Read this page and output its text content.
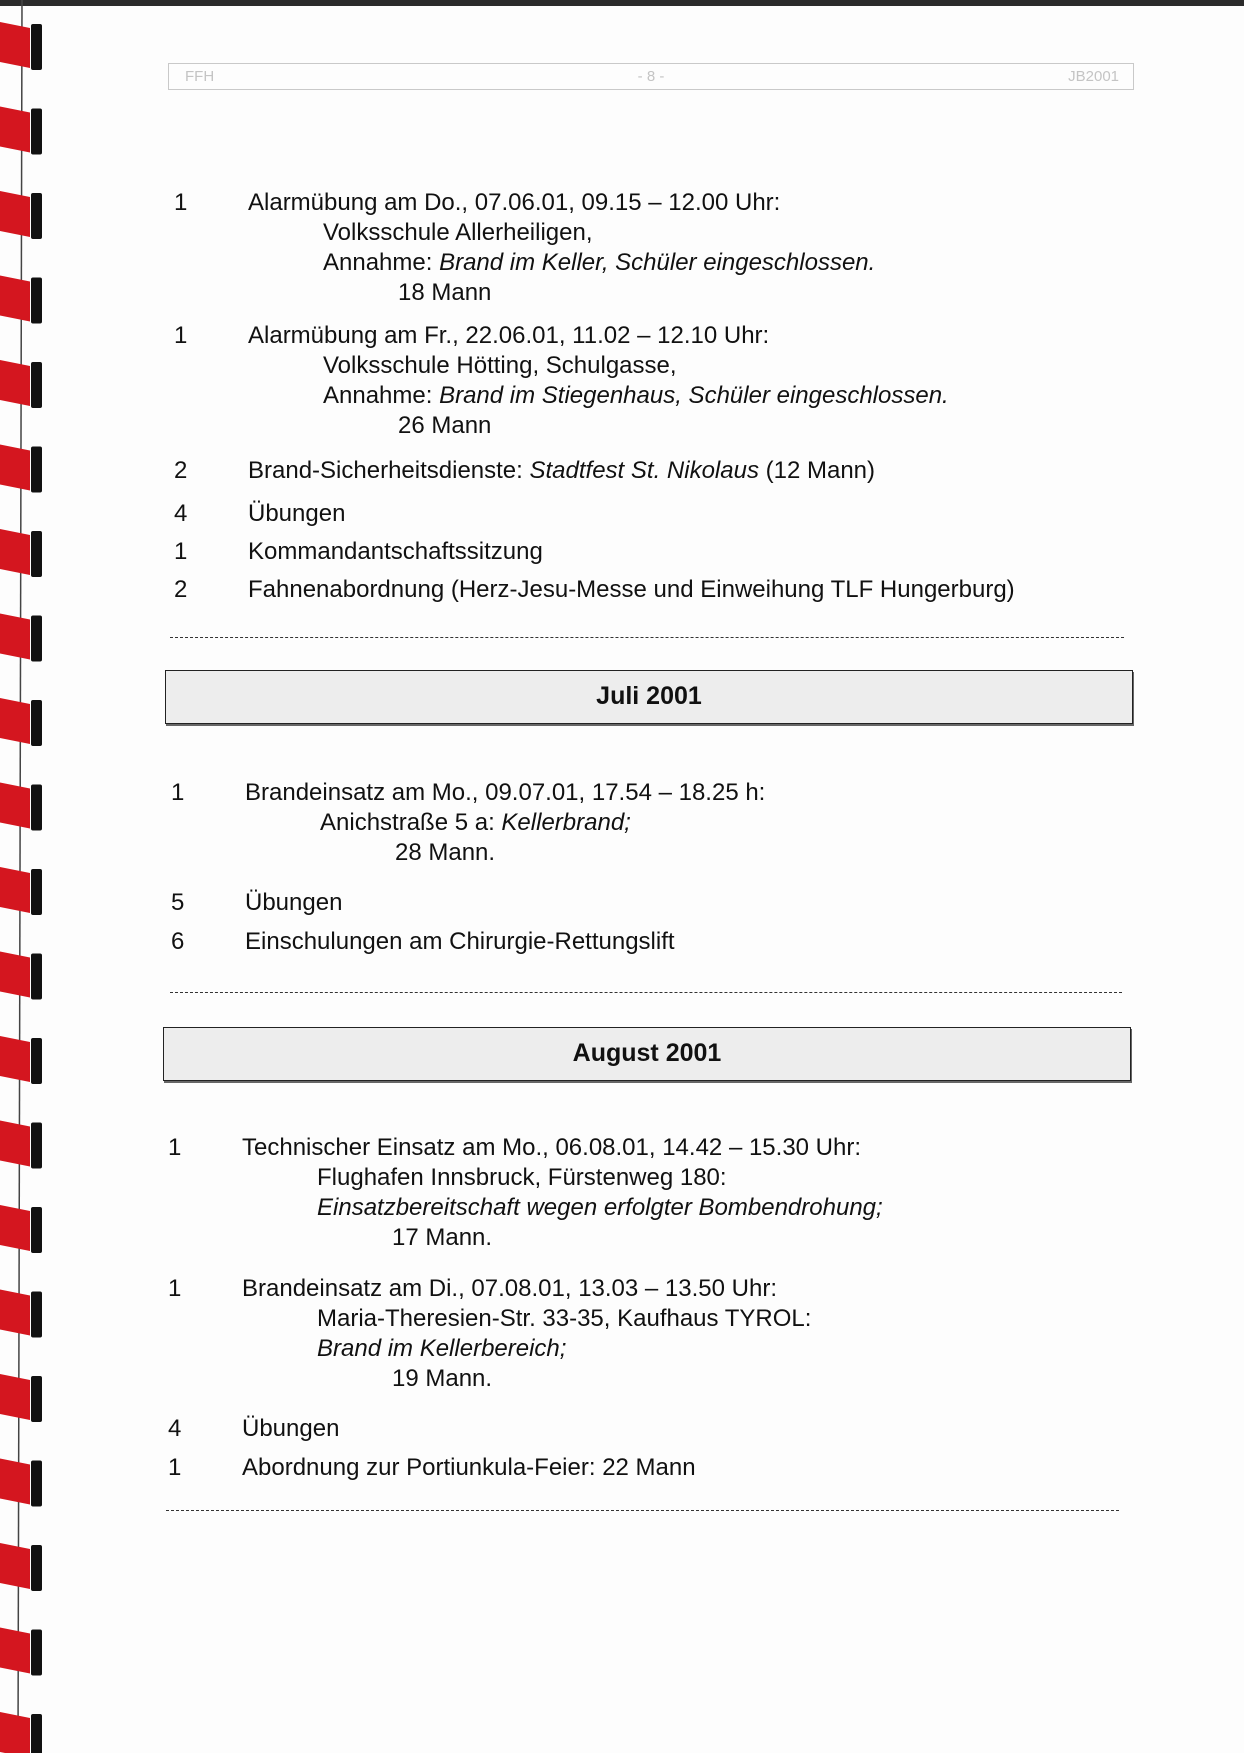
FFH	- 8 -	JB2001
1	Alarmübung am Do., 07.06.01, 09.15 – 12.00 Uhr:
Volksschule Allerheiligen,
Annahme: Brand im Keller, Schüler eingeschlossen.
18 Mann
1	Alarmübung am Fr., 22.06.01, 11.02 – 12.10 Uhr:
Volksschule Hötting, Schulgasse,
Annahme: Brand im Stiegenhaus, Schüler eingeschlossen.
26 Mann
2	Brand-Sicherheitsdienste: Stadtfest St. Nikolaus (12 Mann)
4	Übungen
1	Kommandantschaftssitzung
2	Fahnenabordnung (Herz-Jesu-Messe und Einweihung TLF Hungerburg)
Juli 2001
1	Brandeinsatz am Mo., 09.07.01, 17.54 – 18.25 h:
Anichstraße 5 a: Kellerbrand;
28 Mann.
5	Übungen
6	Einschulungen am Chirurgie-Rettungslift
August 2001
1	Technischer Einsatz am Mo., 06.08.01, 14.42 – 15.30 Uhr:
Flughafen Innsbruck, Fürstenweg 180:
Einsatzbereitschaft wegen erfolgter Bombendrohung;
17 Mann.
1	Brandeinsatz am Di., 07.08.01, 13.03 – 13.50 Uhr:
Maria-Theresien-Str. 33-35, Kaufhaus TYROL:
Brand im Kellerbereich;
19 Mann.
4	Übungen
1	Abordnung zur Portiunkula-Feier: 22 Mann
